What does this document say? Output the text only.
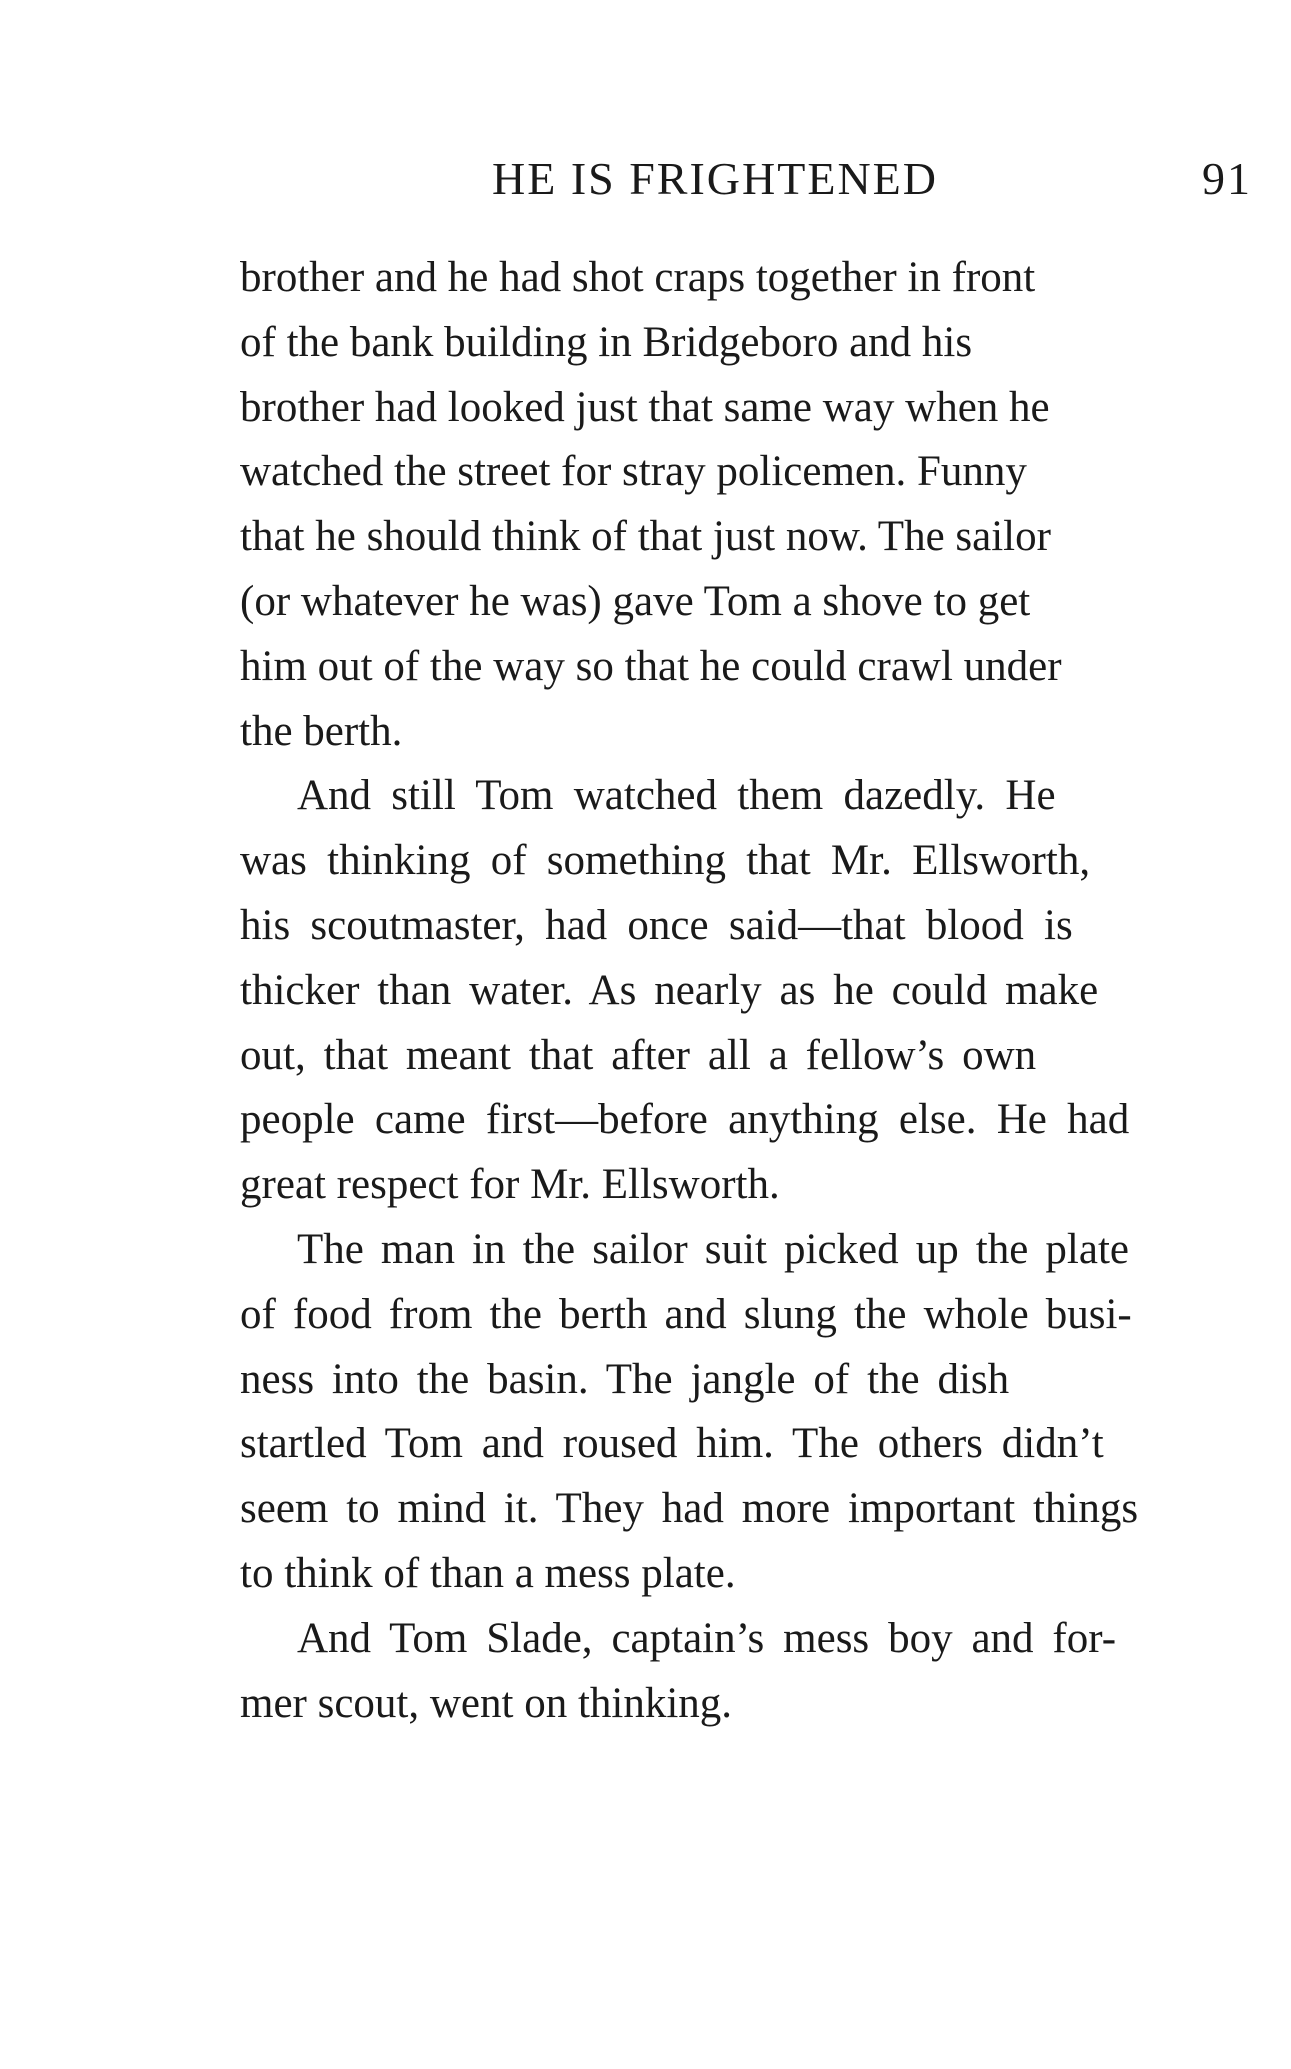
HE IS FRIGHTENED	91

brother and he had shot craps together in front
of the bank building in Bridgeboro and his
brother had looked just that same way when he
watched the street for stray policemen. Funny
that he should think of that just now. The sailor
(or whatever he was) gave Tom a shove to get
him out of the way so that he could crawl under
the berth.

And still Tom watched them dazedly. He
was thinking of something that Mr. Ellsworth,
his scoutmaster, had once said—that blood is
thicker than water. As nearly as he could make
out, that meant that after all a fellow’s own
people came first—before anything else. He had
great respect for Mr. Ellsworth.

The man in the sailor suit picked up the plate
of food from the berth and slung the whole busi-
ness into the basin. The jangle of the dish
startled Tom and roused him. The others didn’t
seem to mind it. They had more important things
to think of than a mess plate.

And Tom Slade, captain’s mess boy and for-
mer scout, went on thinking.
